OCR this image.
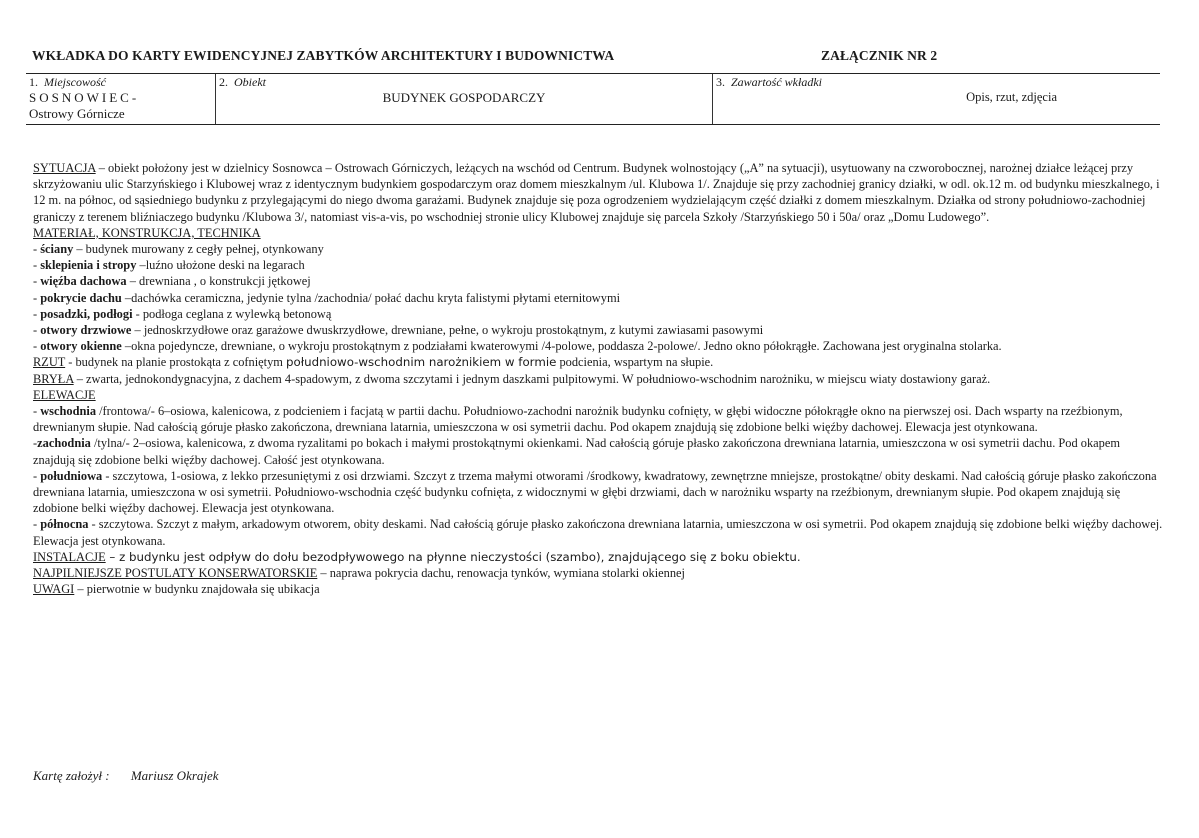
WKŁADKA DO KARTY EWIDENCYJNEJ ZABYTKÓW ARCHITEKTURY I BUDOWNICTWA	ZAŁĄCZNIK NR 2
1. Miejscowość
SOSNOWIEC-
Ostrowy Górnicze

2. Obiekt
BUDYNEK GOSPODARCZY

3. Zawartość wkładki
Opis, rzut, zdjęcia

SYTUACJA – obiekt położony jest w dzielnicy Sosnowca – Ostrowach Górniczych, leżących na wschód od Centrum. Budynek wolnostojący („A” na sytuacji), usytuowany na czworobocznej, narożnej działce leżącej przy skrzyżowaniu ulic Starzyńskiego i Klubowej wraz z identycznym budynkiem gospodarczym oraz domem mieszkalnym /ul. Klubowa 1/. Znajduje się przy zachodniej granicy działki, w odl. ok.12 m. od budynku mieszkalnego, i 12 m. na północ, od sąsiedniego budynku z przylegającymi do niego dwoma garażami. Budynek znajduje się poza ogrodzeniem wydzielającym część działki z domem mieszkalnym. Działka od strony południowo-zachodniej graniczy z terenem bliźniaczego budynku /Klubowa 3/, natomiast vis-a-vis, po wschodniej stronie ulicy Klubowej znajduje się parcela Szkoły /Starzyńskiego 50 i 50a/ oraz „Domu Ludowego”.

MATERIAŁ, KONSTRUKCJA, TECHNIKA

- ściany – budynek murowany z cegły pełnej, otynkowany

- sklepienia i stropy –luźno ułożone deski na legarach

- więźba dachowa – drewniana , o konstrukcji jętkowej

- pokrycie dachu –dachówka ceramiczna, jedynie tylna /zachodnia/ połać dachu kryta falistymi płytami eternitowymi

- posadzki, podłogi - podłoga ceglana z wylewką betonową

- otwory drzwiowe – jednoskrzydłowe oraz garażowe dwuskrzydłowe, drewniane, pełne, o wykroju prostokątnym, z kutymi zawiasami pasowymi

- otwory okienne –okna pojedyncze, drewniane, o wykroju prostokątnym z podziałami kwaterowymi /4-polowe, poddasza 2-polowe/. Jedno okno półokrągłe. Zachowana jest oryginalna stolarka.

RZUT - budynek na planie prostokąta z cofniętym południowo-wschodnim narożnikiem w formie podcienia, wspartym na słupie.

BRYŁA – zwarta, jednokondygnacyjna, z dachem 4-spadowym, z dwoma szczytami i jednym daszkami pulpitowymi. W południowo-wschodnim narożniku, w miejscu wiaty dostawiony garaż.

ELEWACJE

- wschodnia /frontowa/- 6–osiowa, kalenicowa, z podcieniem i facjatą w partii dachu. Południowo-zachodni narożnik budynku cofnięty, w głębi widoczne półokrągłe okno na pierwszej osi. Dach wsparty na rzeźbionym, drewnianym słupie. Nad całością góruje płasko zakończona, drewniana latarnia, umieszczona w osi symetrii dachu. Pod okapem znajdują się zdobione belki więźby dachowej. Elewacja jest otynkowana.

-zachodnia /tylna/- 2–osiowa, kalenicowa, z dwoma ryzalitami po bokach i małymi prostokątnymi okienkami. Nad całością góruje płasko zakończona drewniana latarnia, umieszczona w osi symetrii dachu. Pod okapem znajdują się zdobione belki więźby dachowej. Całość jest otynkowana.

- południowa - szczytowa, 1-osiowa, z lekko przesuniętymi z osi drzwiami. Szczyt z trzema małymi otworami /środkowy, kwadratowy, zewnętrzne mniejsze, prostokątne/ obity deskami. Nad całością góruje płasko zakończona drewniana latarnia, umieszczona w osi symetrii. Południowo-wschodnia część budynku cofnięta, z widocznymi w głębi drzwiami, dach w narożniku wsparty na rzeźbionym, drewnianym słupie. Pod okapem znajdują się zdobione belki więźby dachowej. Elewacja jest otynkowana.

- północna - szczytowa. Szczyt z małym, arkadowym otworem, obity deskami. Nad całością góruje płasko zakończona drewniana latarnia, umieszczona w osi symetrii. Pod okapem znajdują się zdobione belki więźby dachowej. Elewacja jest otynkowana.

INSTALACJE – z budynku jest odpływ do dołu bezodpływowego na płynne nieczystości (szambo), znajdującego się z boku obiektu.

NAJPILNIEJSZE POSTULATY KONSERWATORSKIE – naprawa pokrycia dachu, renowacja tynków, wymiana stolarki okiennej

UWAGI – pierwotnie w budynku znajdowała się ubikacja

Kartę założył : Mariusz Okrajek
